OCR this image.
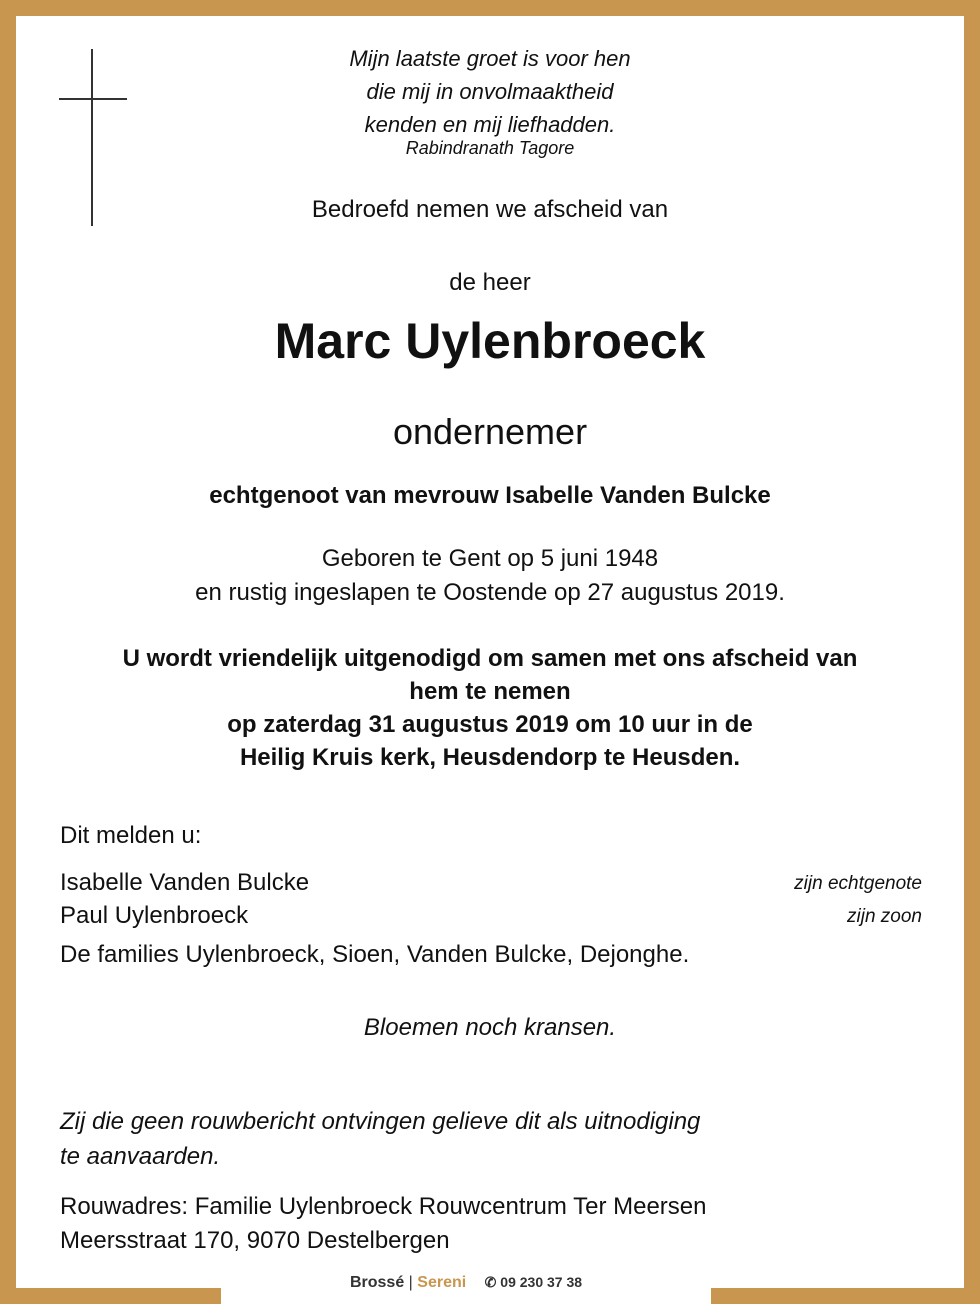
Mijn laatste groet is voor hen
die mij in onvolmaaktheid
kenden en mij liefhadden.
Rabindranath Tagore
Bedroefd nemen we afscheid van
de heer
Marc Uylenbroeck
ondernemer
echtgenoot van mevrouw Isabelle Vanden Bulcke
Geboren te Gent op 5 juni 1948
en rustig ingeslapen te Oostende op 27 augustus 2019.
U wordt vriendelijk uitgenodigd om samen met ons afscheid van
hem te nemen
op zaterdag 31 augustus 2019 om 10 uur in de
Heilig Kruis kerk, Heusdendorp te Heusden.
Dit melden u:
Isabelle Vanden Bulcke	zijn echtgenote
Paul Uylenbroeck	zijn zoon
De families Uylenbroeck, Sioen, Vanden Bulcke, Dejonghe.
Bloemen noch kransen.
Zij die geen rouwbericht ontvingen gelieve dit als uitnodiging
te aanvaarden.
Rouwadres: Familie Uylenbroeck Rouwcentrum Ter Meersen
Meersstraat 170, 9070 Destelbergen
Brossé | Sereni ✆ 09 230 37 38
